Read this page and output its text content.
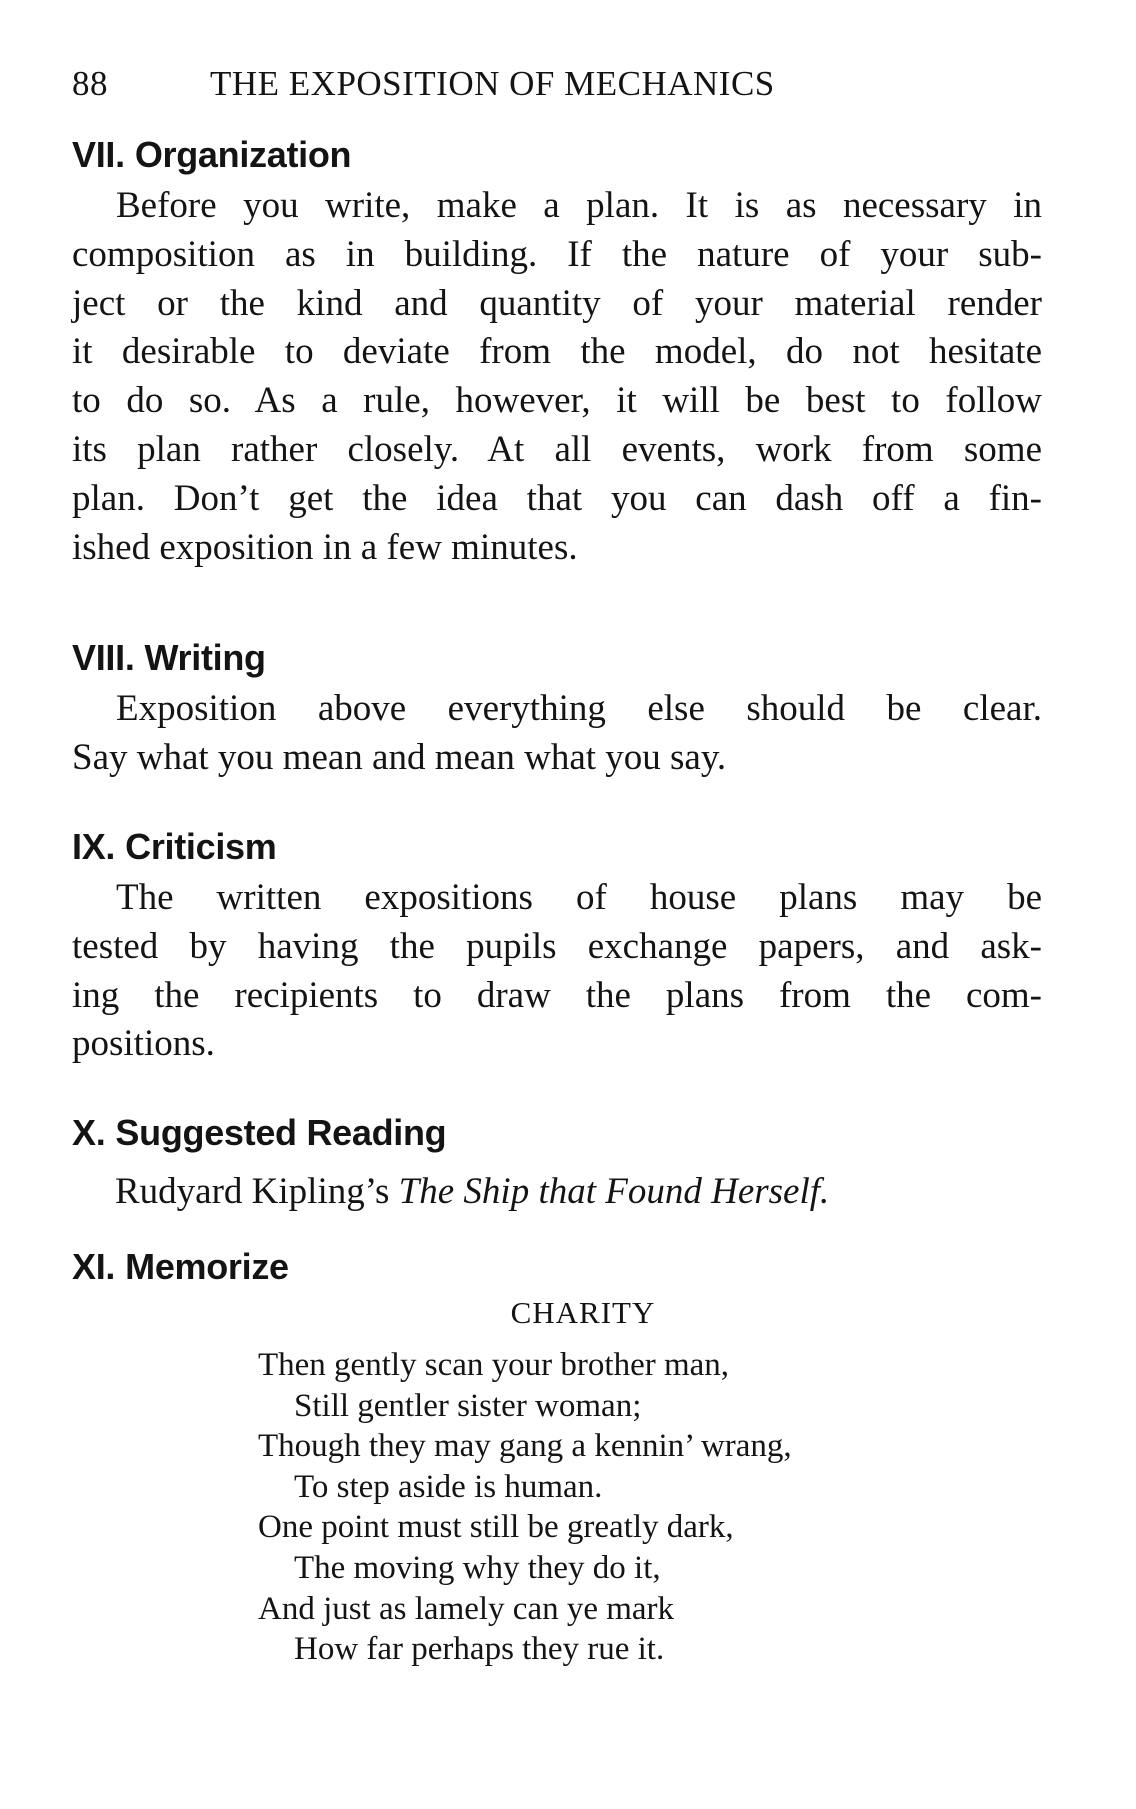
88	THE EXPOSITION OF MECHANICS
VII. Organization
Before you write, make a plan. It is as necessary in
composition as in building. If the nature of your sub-
ject or the kind and quantity of your material render
it desirable to deviate from the model, do not hesitate
to do so. As a rule, however, it will be best to follow
its plan rather closely. At all events, work from some
plan. Don’t get the idea that you can dash off a fin-
ished exposition in a few minutes.
VIII. Writing
Exposition above everything else should be clear.
Say what you mean and mean what you say.
IX. Criticism
The written expositions of house plans may be
tested by having the pupils exchange papers, and ask-
ing the recipients to draw the plans from the com-
positions.
X. Suggested Reading
Rudyard Kipling’s The Ship that Found Herself.
XI. Memorize
CHARITY
Then gently scan your brother man,
Still gentler sister woman;
Though they may gang a kennin’ wrang,
To step aside is human.
One point must still be greatly dark,
The moving why they do it,
And just as lamely can ye mark
How far perhaps they rue it.
